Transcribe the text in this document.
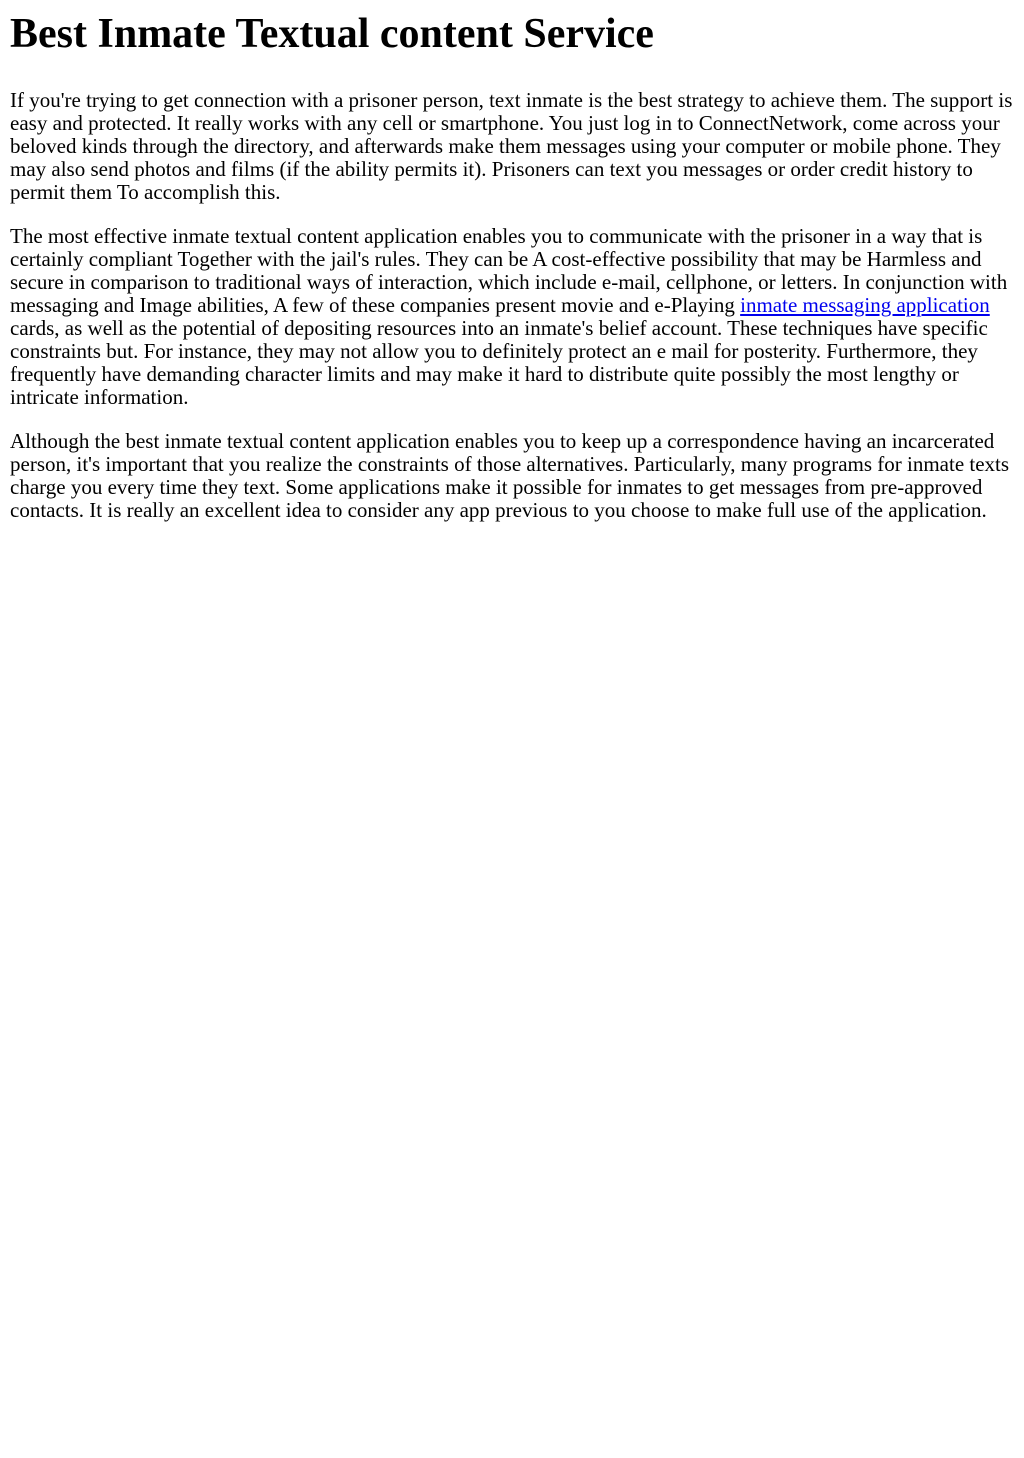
Best Inmate Textual content Service

If you're trying to get connection with a prisoner person, text inmate is the best strategy to achieve them. The support is easy and protected. It really works with any cell or smartphone. You just log in to ConnectNetwork, come across your beloved kinds through the directory, and afterwards make them messages using your computer or mobile phone. They may also send photos and films (if the ability permits it). Prisoners can text you messages or order credit history to permit them To accomplish this.

The most effective inmate textual content application enables you to communicate with the prisoner in a way that is certainly compliant Together with the jail's rules. They can be A cost-effective possibility that may be Harmless and secure in comparison to traditional ways of interaction, which include e-mail, cellphone, or letters. In conjunction with messaging and Image abilities, A few of these companies present movie and e-Playing inmate messaging application cards, as well as the potential of depositing resources into an inmate's belief account. These techniques have specific constraints but. For instance, they may not allow you to definitely protect an e mail for posterity. Furthermore, they frequently have demanding character limits and may make it hard to distribute quite possibly the most lengthy or intricate information.

Although the best inmate textual content application enables you to keep up a correspondence having an incarcerated person, it's important that you realize the constraints of those alternatives. Particularly, many programs for inmate texts charge you every time they text. Some applications make it possible for inmates to get messages from pre-approved contacts. It is really an excellent idea to consider any app previous to you choose to make full use of the application.
